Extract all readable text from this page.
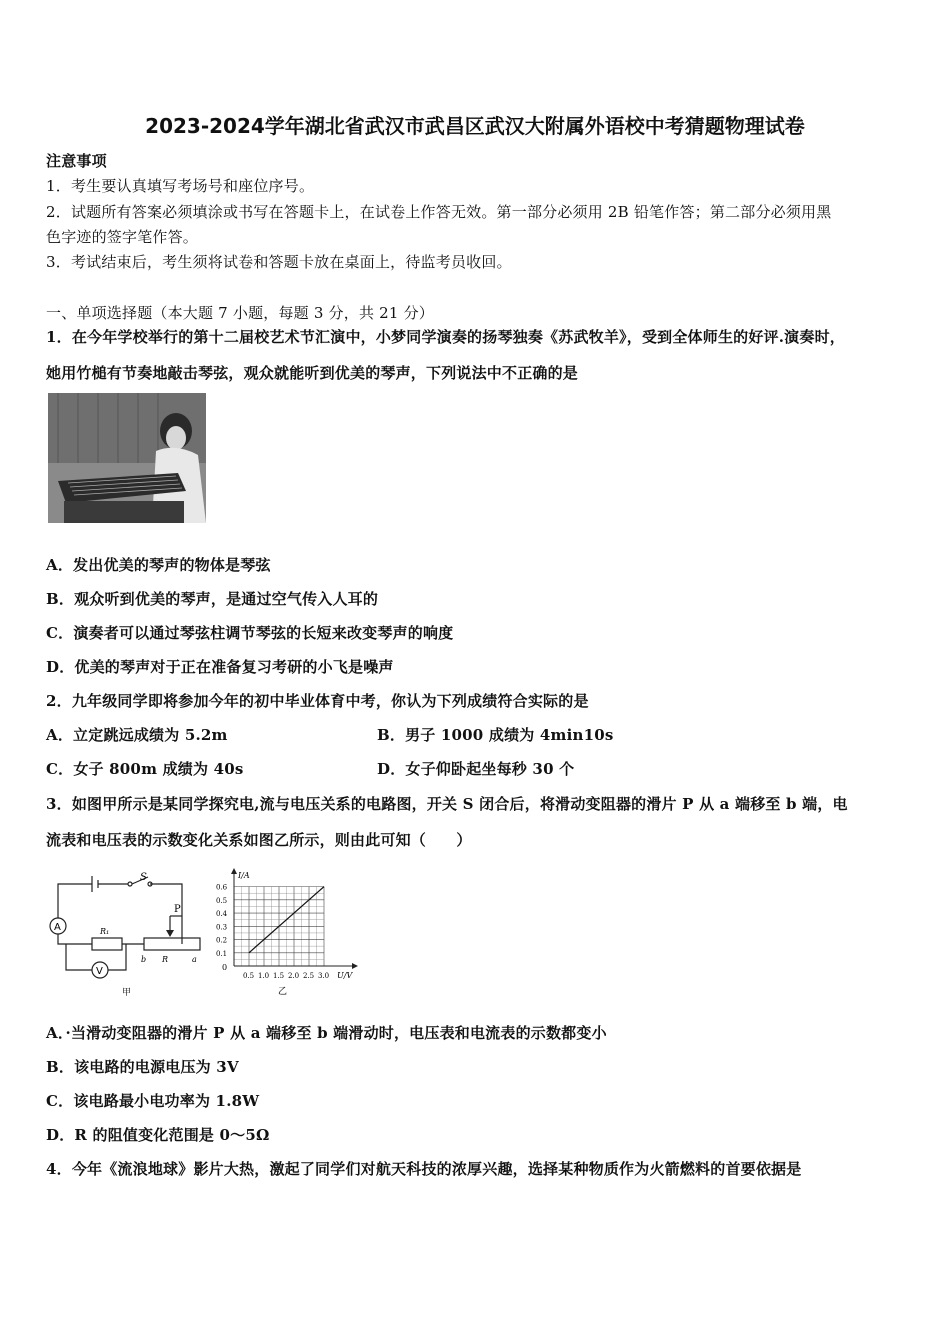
2023-2024学年湖北省武汉市武昌区武汉大附属外语校中考猜题物理试卷
注意事项
1．考生要认真填写考场号和座位序号。
2．试题所有答案必须填涂或书写在答题卡上，在试卷上作答无效。第一部分必须用 2B 铅笔作答；第二部分必须用黑
色字迹的签字笔作答。
3．考试结束后，考生须将试卷和答题卡放在桌面上，待监考员收回。
一、单项选择题（本大题 7 小题，每题 3 分，共 21 分）
1．在今年学校举行的第十二届校艺术节汇演中，小梦同学演奏的扬琴独奏《苏武牧羊》，受到全体师生的好评.演奏时，
她用竹槌有节奏地敲击琴弦，观众就能听到优美的琴声，下列说法中不正确的是
A．发出优美的琴声的物体是琴弦
B．观众听到优美的琴声，是通过空气传入人耳的
C．演奏者可以通过琴弦柱调节琴弦的长短来改变琴声的响度
D．优美的琴声对于正在准备复习考研的小飞是噪声
2．九年级同学即将参加今年的初中毕业体育中考，你认为下列成绩符合实际的是
A．立定跳远成绩为 5.2m	B．男子 1000 成绩为 4min10s
C．女子 800m 成绩为 40s	D．女子仰卧起坐每秒 30 个
3．如图甲所示是某同学探究电,流与电压关系的电路图，开关 S 闭合后，将滑动变阻器的滑片 P 从 a 端移至 b 端，电
流表和电压表的示数变化关系如图乙所示，则由此可知（　　）
A
V
S
P
R₁
R
b	a
甲
0.5 1.0 1.5 2.0 2.5 3.0
0.1
0.2
0.3
0.4
0.5
0.6
I/A
U/V
0
乙
A．·当滑动变阻器的滑片 P 从 a 端移至 b 端滑动时，电压表和电流表的示数都变小
B．该电路的电源电压为 3V
C．该电路最小电功率为 1.8W
D．R 的阻值变化范围是 0～5Ω
4．今年《流浪地球》影片大热，激起了同学们对航天科技的浓厚兴趣，选择某种物质作为火箭燃料的首要依据是
